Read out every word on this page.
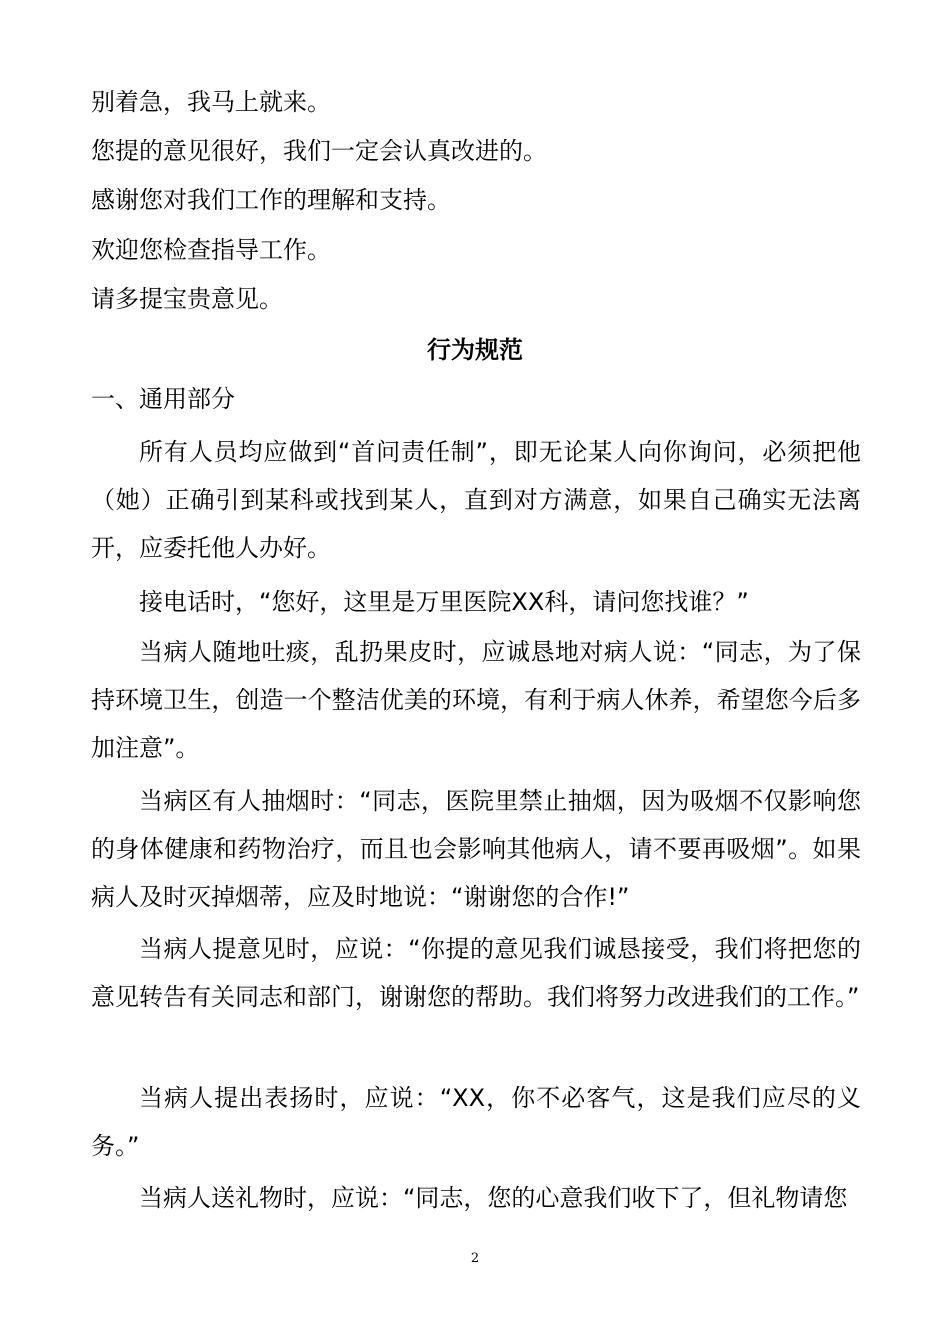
别着急，我马上就来。
您提的意见很好，我们一定会认真改进的。
感谢您对我们工作的理解和支持。
欢迎您检查指导工作。
请多提宝贵意见。
行为规范
一、通用部分
所有人员均应做到“首问责任制”，即无论某人向你询问，必须把他（她）正确引到某科或找到某人，直到对方满意，如果自己确实无法离开，应委托他人办好。
接电话时，“您好，这里是万里医院XX科，请问您找谁？”
当病人随地吐痰，乱扔果皮时，应诚恳地对病人说：“同志，为了保持环境卫生，创造一个整洁优美的环境，有利于病人休养，希望您今后多加注意”。
当病区有人抽烟时：“同志，医院里禁止抽烟，因为吸烟不仅影响您的身体健康和药物治疗，而且也会影响其他病人，请不要再吸烟”。如果病人及时灭掉烟蒂，应及时地说：“谢谢您的合作!”
当病人提意见时，应说：“你提的意见我们诚恳接受，我们将把您的意见转告有关同志和部门，谢谢您的帮助。我们将努力改进我们的工作。”
当病人提出表扬时，应说：“XX，你不必客气，这是我们应尽的义务。”
当病人送礼物时，应说：“同志，您的心意我们收下了，但礼物请您
2
